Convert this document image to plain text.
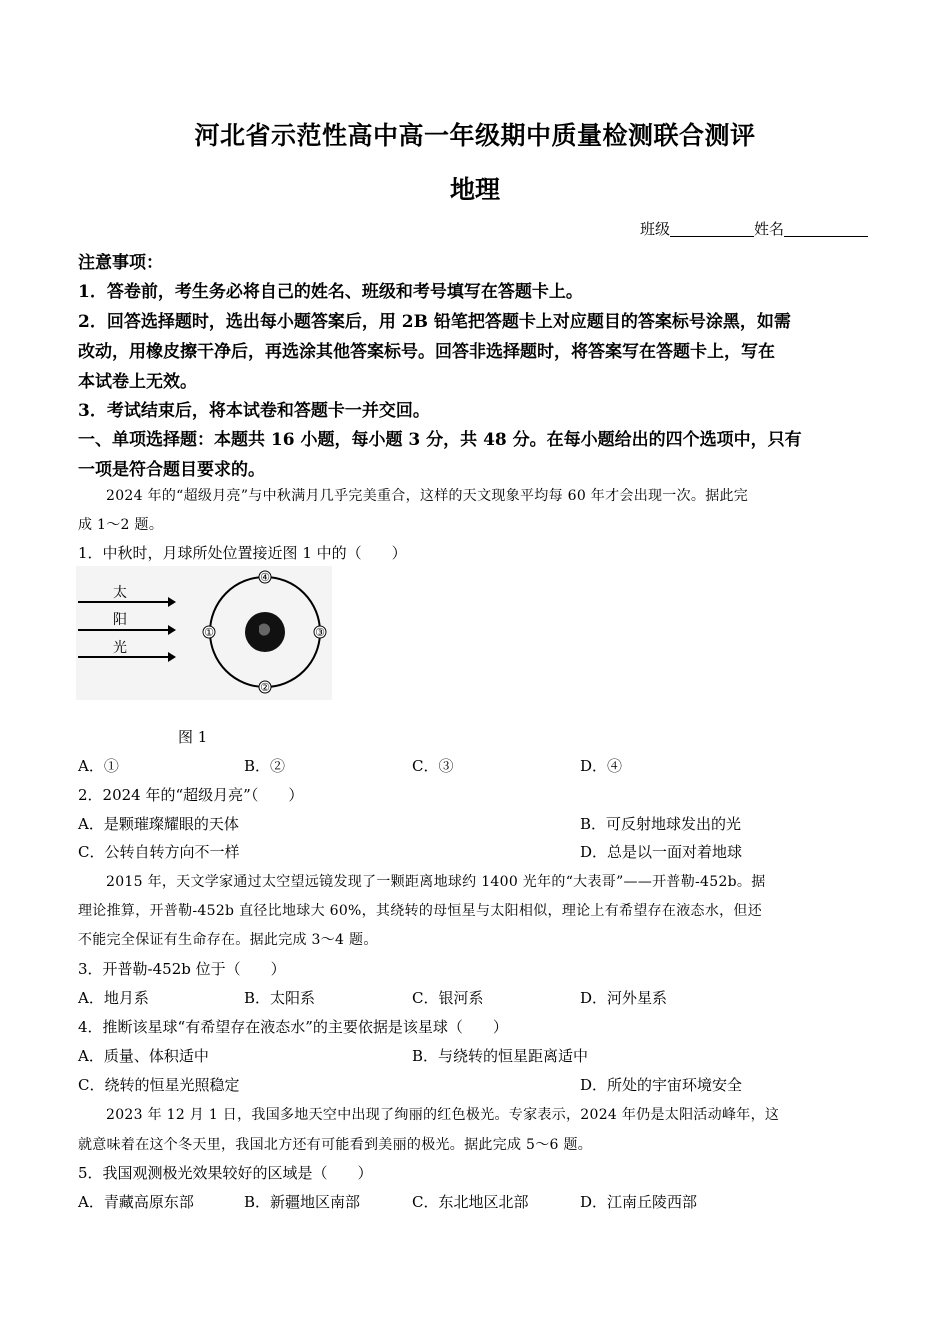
河北省示范性高中高一年级期中质量检测联合测评
地理
班级	姓名
注意事项：
1．答卷前，考生务必将自己的姓名、班级和考号填写在答题卡上。
2．回答选择题时，选出每小题答案后，用 2B 铅笔把答题卡上对应题目的答案标号涂黑，如需
改动，用橡皮擦干净后，再选涂其他答案标号。回答非选择题时，将答案写在答题卡上，写在
本试卷上无效。
3．考试结束后，将本试卷和答题卡一并交回。
一、单项选择题：本题共 16 小题，每小题 3 分，共 48 分。在每小题给出的四个选项中，只有
一项是符合题目要求的。
2024 年的“超级月亮”与中秋满月几乎完美重合，这样的天文现象平均每 60 年才会出现一次。据此完
成 1～2 题。
1．中秋时，月球所处位置接近图 1 中的（　　）
太
阳
光
④
②
①	③
图 1
A．①	B．②	C．③	D．④
2．2024 年的“超级月亮”（　　）
A．是颗璀璨耀眼的天体	B．可反射地球发出的光
C．公转自转方向不一样	D．总是以一面对着地球
2015 年，天文学家通过太空望远镜发现了一颗距离地球约 1400 光年的“大表哥”——开普勒-452b。据
理论推算，开普勒-452b 直径比地球大 60%，其绕转的母恒星与太阳相似，理论上有希望存在液态水，但还
不能完全保证有生命存在。据此完成 3～4 题。
3．开普勒-452b 位于（　　）
A．地月系	B．太阳系	C．银河系	D．河外星系
4．推断该星球“有希望存在液态水”的主要依据是该星球（　　）
A．质量、体积适中	B．与绕转的恒星距离适中
C．绕转的恒星光照稳定	D．所处的宇宙环境安全
2023 年 12 月 1 日，我国多地天空中出现了绚丽的红色极光。专家表示，2024 年仍是太阳活动峰年，这
就意味着在这个冬天里，我国北方还有可能看到美丽的极光。据此完成 5～6 题。
5．我国观测极光效果较好的区域是（　　）
A．青藏高原东部	B．新疆地区南部	C．东北地区北部	D．江南丘陵西部
